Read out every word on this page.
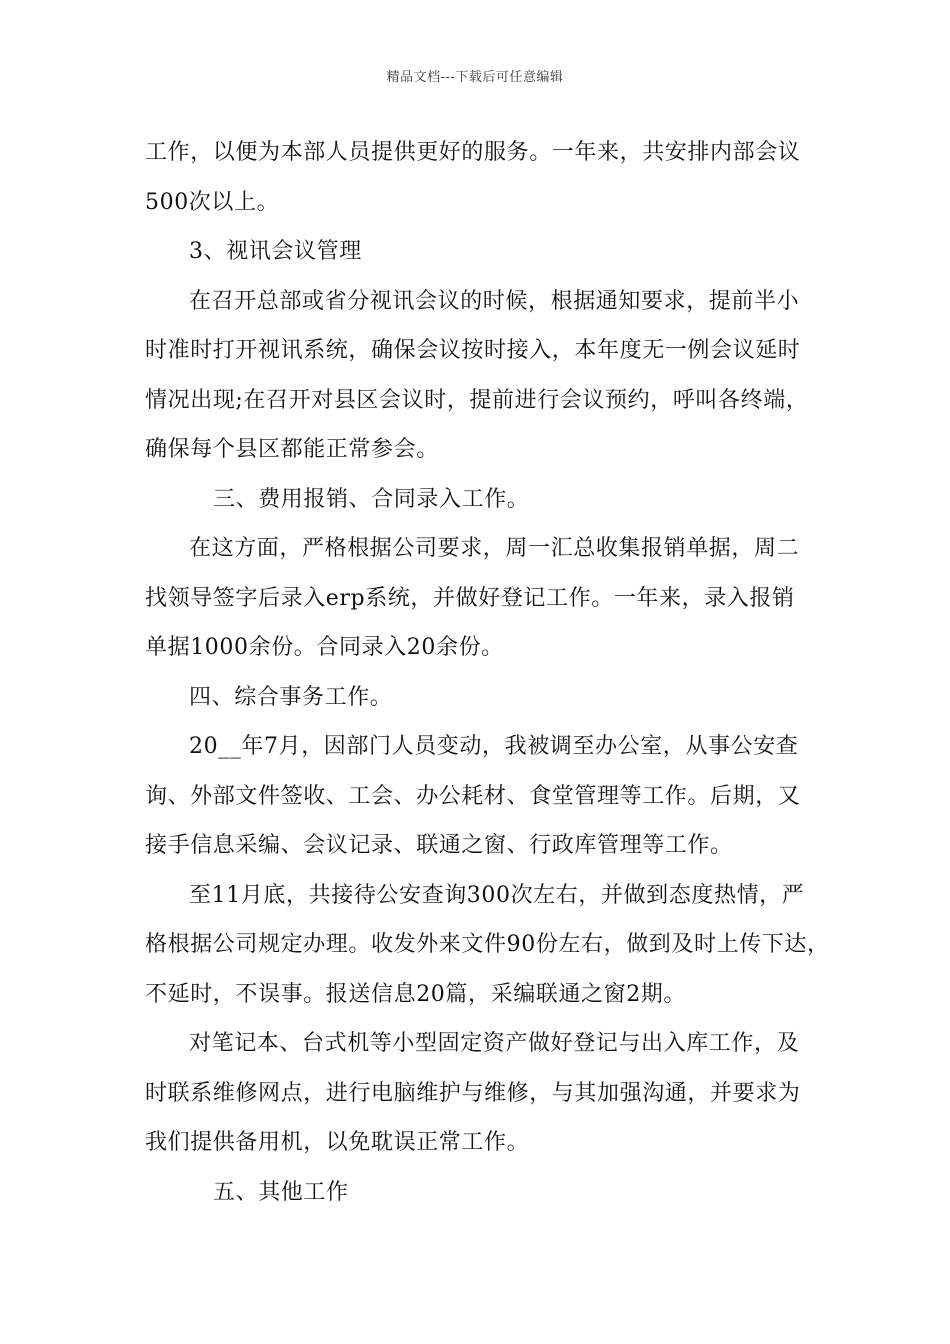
精品文档---下载后可任意编辑
工作，以便为本部人员提供更好的服务。一年来，共安排内部会议
500次以上。
3、视讯会议管理
在召开总部或省分视讯会议的时候，根据通知要求，提前半小
时准时打开视讯系统，确保会议按时接入，本年度无一例会议延时
情况出现;在召开对县区会议时，提前进行会议预约，呼叫各终端，
确保每个县区都能正常参会。
三、费用报销、合同录入工作。
在这方面，严格根据公司要求，周一汇总收集报销单据，周二
找领导签字后录入erp系统，并做好登记工作。一年来，录入报销
单据1000余份。合同录入20余份。
四、综合事务工作。
20__年7月，因部门人员变动，我被调至办公室，从事公安查
询、外部文件签收、工会、办公耗材、食堂管理等工作。后期，又
接手信息采编、会议记录、联通之窗、行政库管理等工作。
至11月底，共接待公安查询300次左右，并做到态度热情，严
格根据公司规定办理。收发外来文件90份左右，做到及时上传下达，
不延时，不误事。报送信息20篇，采编联通之窗2期。
对笔记本、台式机等小型固定资产做好登记与出入库工作，及
时联系维修网点，进行电脑维护与维修，与其加强沟通，并要求为
我们提供备用机，以免耽误正常工作。
五、其他工作
